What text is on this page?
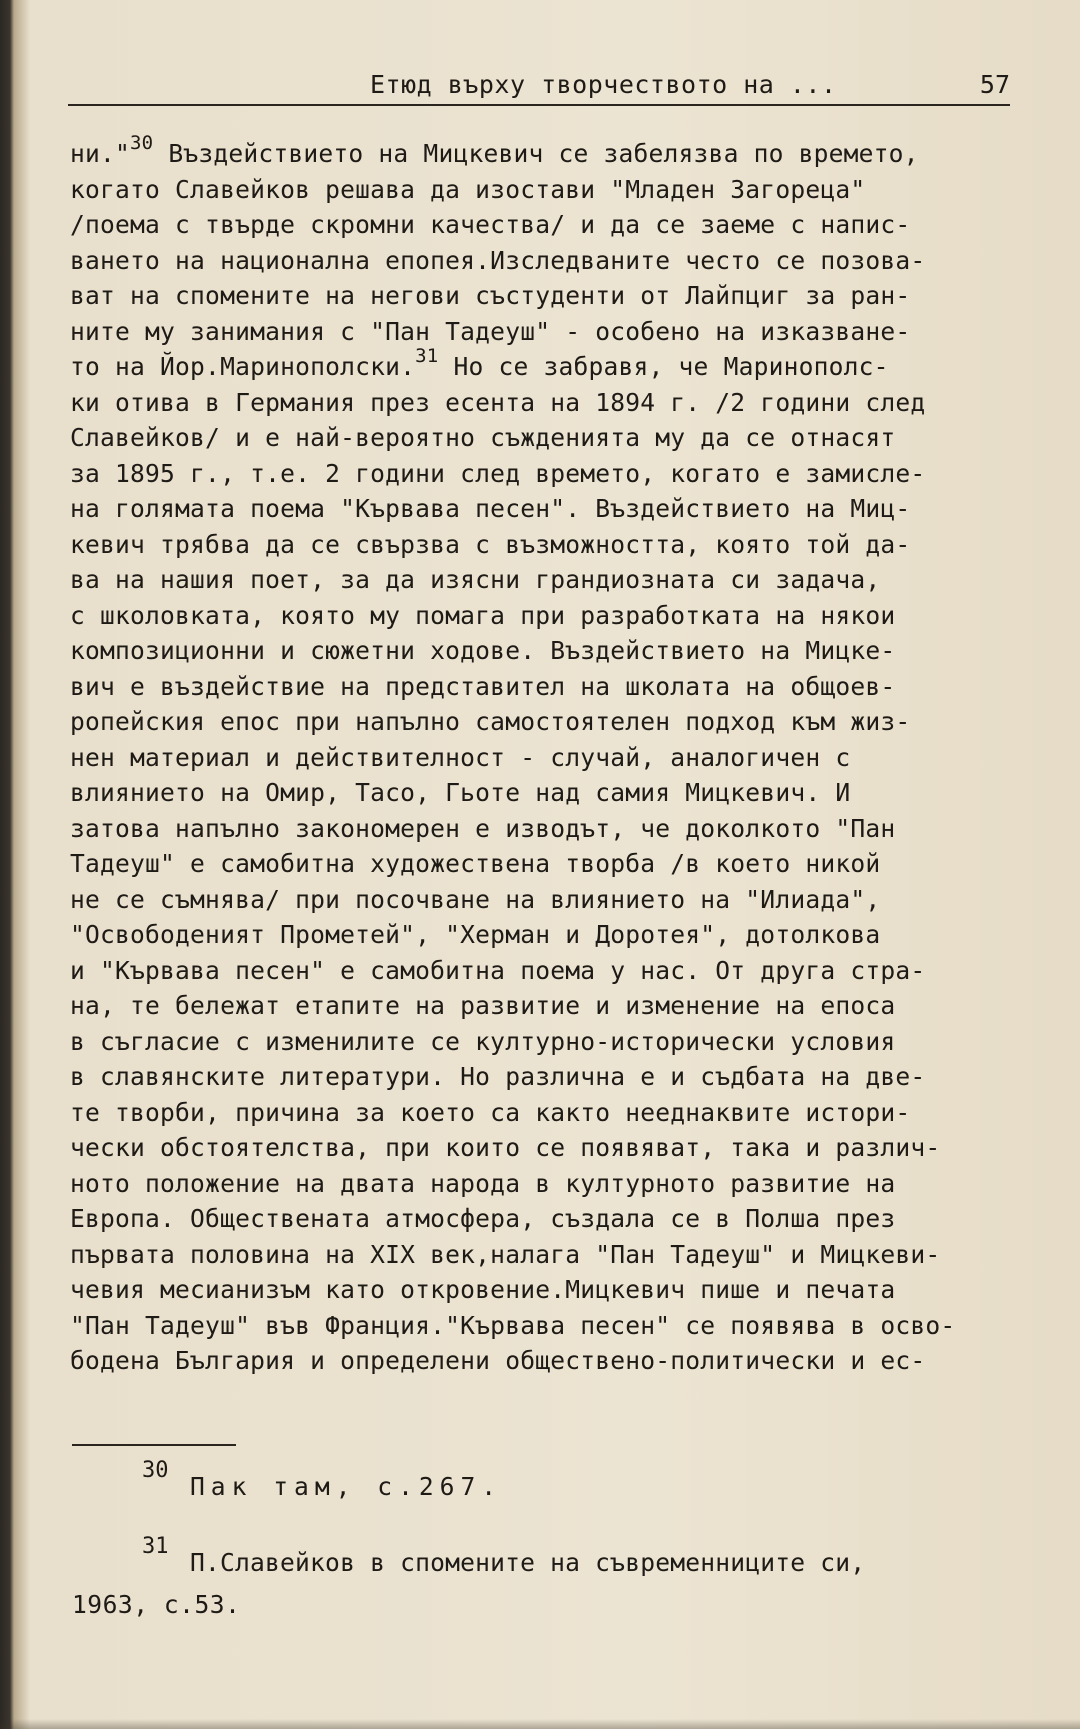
Етюд върху творчеството на ...	57
ни."$^{30}$ Въздействието на Мицкевич се забелязва по времето,
когато Славейков решава да изостави "Младен Загореца"
/поема с твърде скромни качества/ и да се заеме с напис-
ването на национална епопея.Изследваните често се позова-
ват на спомените на негови състуденти от Лайпциг за ран-
ните му занимания с "Пан Тадеуш" - особено на изказване-
то на Йор.Маринополски.$^{31}$ Но се забравя, че Маринополс-
ки отива в Германия през есента на 1894 г. /2 години след
Славейков/ и е най-вероятно съжденията му да се отнасят
за 1895 г., т.е. 2 години след времето, когато е замисле-
на голямата поема "Кървава песен". Въздействието на Миц-
кевич трябва да се свързва с възможността, която той да-
ва на нашия поет, за да изясни грандиозната си задача,
с школовката, която му помага при разработката на някои
композиционни и сюжетни ходове. Въздействието на Мицке-
вич е въздействие на представител на школата на общоев-
ропейския епос при напълно самостоятелен подход към жиз-
нен материал и действителност - случай, аналогичен с
влиянието на Омир, Тасо, Гьоте над самия Мицкевич. И
затова напълно закономерен е изводът, че доколкото "Пан
Тадеуш" е самобитна художествена творба /в което никой
не се съмнява/ при посочване на влиянието на "Илиада",
"Освободеният Прометей", "Херман и Доротея", дотолкова
и "Кървава песен" е самобитна поема у нас. От друга стра-
на, те бележат етапите на развитие и изменение на епоса
в съгласие с изменилите се културно-исторически условия
в славянските литератури. Но различна е и съдбата на две-
те творби, причина за което са както нееднаквите истори-
чески обстоятелства, при които се появяват, така и различ-
ното положение на двата народа в културното развитие на
Европа. Обществената атмосфера, създала се в Полша през
първата половина на XIX век,налага "Пан Тадеуш" и Мицкеви-
чевия месианизъм като откровение.Мицкевич пише и печата
"Пан Тадеуш" във Франция."Кървава песен" се появява в осво-
бодена България и определени обществено-политически и ес-
30
Пак там, с.267.
31
П.Славейков в спомените на съвременниците си,
1963, с.53.
